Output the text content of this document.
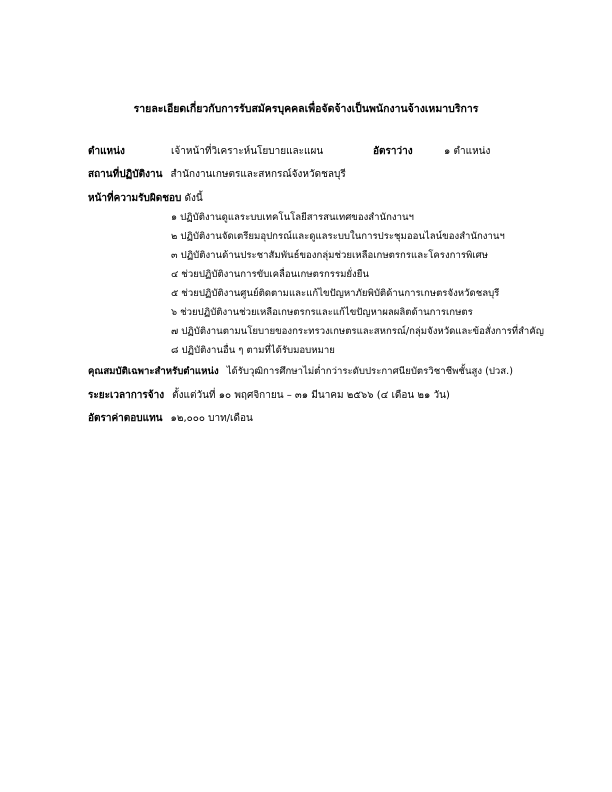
รายละเอียดเกี่ยวกับการรับสมัครบุคคลเพื่อจัดจ้างเป็นพนักงานจ้างเหมาบริการ
ตำแหน่ง	เจ้าหน้าที่วิเคราะห์นโยบายและแผน	อัตราว่าง	๑ ตำแหน่ง
สถานที่ปฏิบัติงาน สำนักงานเกษตรและสหกรณ์จังหวัดชลบุรี
หน้าที่ความรับผิดชอบ ดังนี้
๑ ปฏิบัติงานดูแลระบบเทคโนโลยีสารสนเทศของสำนักงานฯ
๒ ปฏิบัติงานจัดเตรียมอุปกรณ์และดูแลระบบในการประชุมออนไลน์ของสำนักงานฯ
๓ ปฏิบัติงานด้านประชาสัมพันธ์ของกลุ่มช่วยเหลือเกษตรกรและโครงการพิเศษ
๔ ช่วยปฏิบัติงานการขับเคลื่อนเกษตรกรรมยั่งยืน
๕ ช่วยปฏิบัติงานศูนย์ติดตามและแก้ไขปัญหาภัยพิบัติด้านการเกษตรจังหวัดชลบุรี
๖ ช่วยปฏิบัติงานช่วยเหลือเกษตรกรและแก้ไขปัญหาผลผลิตด้านการเกษตร
๗ ปฏิบัติงานตามนโยบายของกระทรวงเกษตรและสหกรณ์/กลุ่มจังหวัดและข้อสั่งการที่สำคัญ
๘ ปฏิบัติงานอื่น ๆ ตามที่ได้รับมอบหมาย
คุณสมบัติเฉพาะสำหรับตำแหน่ง ได้รับวุฒิการศึกษาไม่ต่ำกว่าระดับประกาศนียบัตรวิชาชีพชั้นสูง (ปวส.)
ระยะเวลาการจ้าง ตั้งแต่วันที่ ๑๐ พฤศจิกายน – ๓๑ มีนาคม ๒๕๖๖ (๔ เดือน ๒๑ วัน)
อัตราค่าตอบแทน ๑๒,๐๐๐ บาท/เดือน
